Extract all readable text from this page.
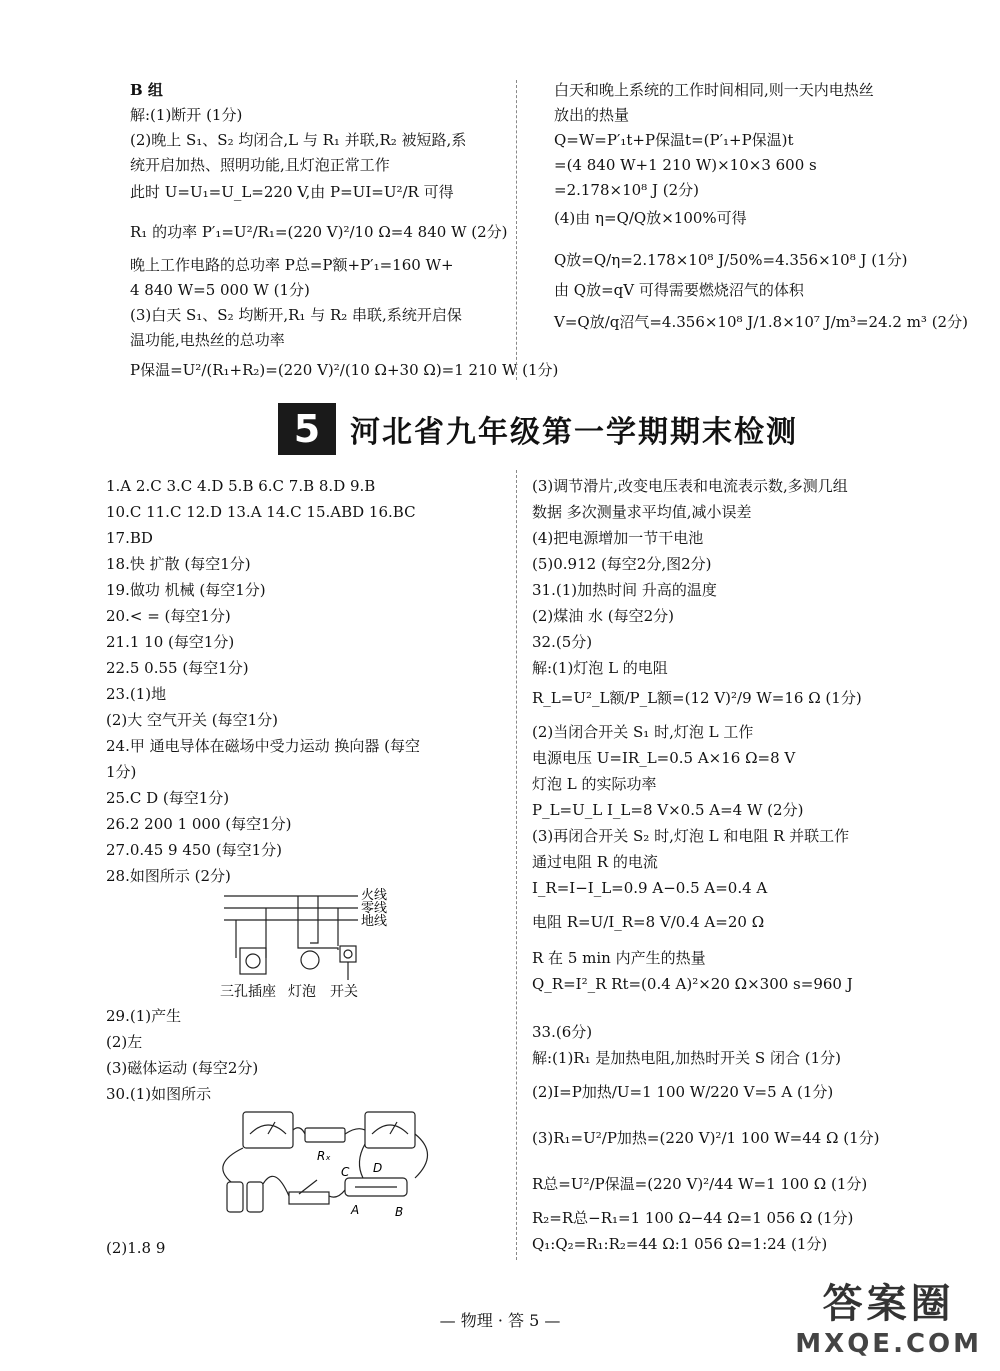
B 组
解:(1)断开 (1分)
(2)晚上 S₁、S₂ 均闭合,L 与 R₁ 并联,R₂ 被短路,系
统开启加热、照明功能,且灯泡正常工作
此时 U=U₁=U_L=220 V,由 P=UI=U²/R 可得
R₁ 的功率 P′₁=U²/R₁=(220 V)²/10 Ω=4 840 W (2分)
晚上工作电路的总功率 P总=P额+P′₁=160 W+
4 840 W=5 000 W (1分)
(3)白天 S₁、S₂ 均断开,R₁ 与 R₂ 串联,系统开启保
温功能,电热丝的总功率
P保温=U²/(R₁+R₂)=(220 V)²/(10 Ω+30 Ω)=1 210 W (1分)
白天和晚上系统的工作时间相同,则一天内电热丝
放出的热量
Q=W=P′₁t+P保温t=(P′₁+P保温)t
=(4 840 W+1 210 W)×10×3 600 s
=2.178×10⁸ J (2分)
(4)由 η=Q/Q放×100%可得
Q放=Q/η=2.178×10⁸ J/50%=4.356×10⁸ J (1分)
由 Q放=qV 可得需要燃烧沼气的体积
V=Q放/q沼气=4.356×10⁸ J/1.8×10⁷ J/m³=24.2 m³ (2分)
5 河北省九年级第一学期期末检测
1.A 2.C 3.C 4.D 5.B 6.C 7.B 8.D 9.B
10.C 11.C 12.D 13.A 14.C 15.ABD 16.BC
17.BD
18.快 扩散 (每空1分)
19.做功 机械 (每空1分)
20.< = (每空1分)
21.1 10 (每空1分)
22.5 0.55 (每空1分)
23.(1)地
(2)大 空气开关 (每空1分)
24.甲 通电导体在磁场中受力运动 换向器 (每空
1分)
25.C D (每空1分)
26.2 200 1 000 (每空1分)
27.0.45 9 450 (每空1分)
28.如图所示 (2分)
火线
零线
地线
三孔插座 灯泡 开关
29.(1)产生
(2)左
(3)磁体运动 (每空2分)
30.(1)如图所示
Rₓ
C D
A	B
(2)1.8 9
(3)调节滑片,改变电压表和电流表示数,多测几组
数据 多次测量求平均值,减小误差
(4)把电源增加一节干电池
(5)0.912 (每空2分,图2分)
31.(1)加热时间 升高的温度
(2)煤油 水 (每空2分)
32.(5分)
解:(1)灯泡 L 的电阻
R_L=U²_L额/P_L额=(12 V)²/9 W=16 Ω (1分)
(2)当闭合开关 S₁ 时,灯泡 L 工作
电源电压 U=IR_L=0.5 A×16 Ω=8 V
灯泡 L 的实际功率
P_L=U_L I_L=8 V×0.5 A=4 W (2分)
(3)再闭合开关 S₂ 时,灯泡 L 和电阻 R 并联工作
通过电阻 R 的电流
I_R=I−I_L=0.9 A−0.5 A=0.4 A
电阻 R=U/I_R=8 V/0.4 A=20 Ω
R 在 5 min 内产生的热量
Q_R=I²_R Rt=(0.4 A)²×20 Ω×300 s=960 J
33.(6分)
解:(1)R₁ 是加热电阻,加热时开关 S 闭合 (1分)
(2)I=P加热/U=1 100 W/220 V=5 A (1分)
(3)R₁=U²/P加热=(220 V)²/1 100 W=44 Ω (1分)
R总=U²/P保温=(220 V)²/44 W=1 100 Ω (1分)
R₂=R总−R₁=1 100 Ω−44 Ω=1 056 Ω (1分)
Q₁:Q₂=R₁:R₂=44 Ω:1 056 Ω=1:24 (1分)
— 物理 · 答 5 —	答案圈
MXQE.COM
